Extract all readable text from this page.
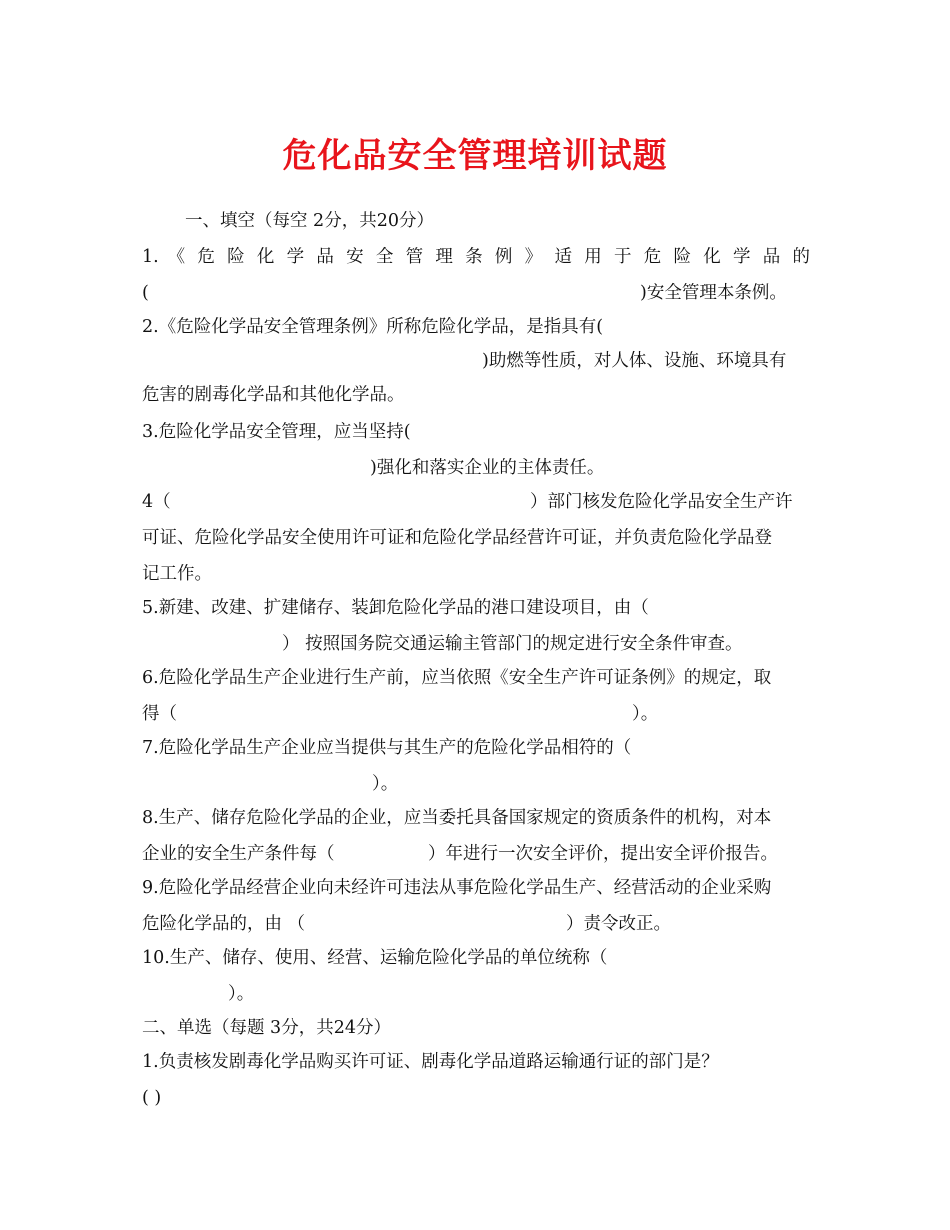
危化品安全管理培训试题
一、填空（每空 2分，共20分）
1. 《 危 险 化 学 品 安 全 管 理 条 例 》 适 用 于 危 险 化 学 品 的
(	)安全管理本条例。
2.《危险化学品安全管理条例》所称危险化学品，是指具有(
)助燃等性质，对人体、设施、环境具有
危害的剧毒化学品和其他化学品。
3.危险化学品安全管理，应当坚持(
)强化和落实企业的主体责任。
4（	）部门核发危险化学品安全生产许
可证、危险化学品安全使用许可证和危险化学品经营许可证，并负责危险化学品登
记工作。
5.新建、改建、扩建储存、装卸危险化学品的港口建设项目，由（
） 按照国务院交通运输主管部门的规定进行安全条件审查。
6.危险化学品生产企业进行生产前，应当依照《安全生产许可证条例》的规定，取
得（	）。
7.危险化学品生产企业应当提供与其生产的危险化学品相符的（
）。
8.生产、储存危险化学品的企业，应当委托具备国家规定的资质条件的机构，对本
企业的安全生产条件每（	）年进行一次安全评价，提出安全评价报告。
9.危险化学品经营企业向未经许可违法从事危险化学品生产、经营活动的企业采购
危险化学品的，由 （	）责令改正。
10.生产、储存、使用、经营、运输危险化学品的单位统称（
）。
二、单选（每题 3分，共24分）
1.负责核发剧毒化学品购买许可证、剧毒化学品道路运输通行证的部门是？
( )
